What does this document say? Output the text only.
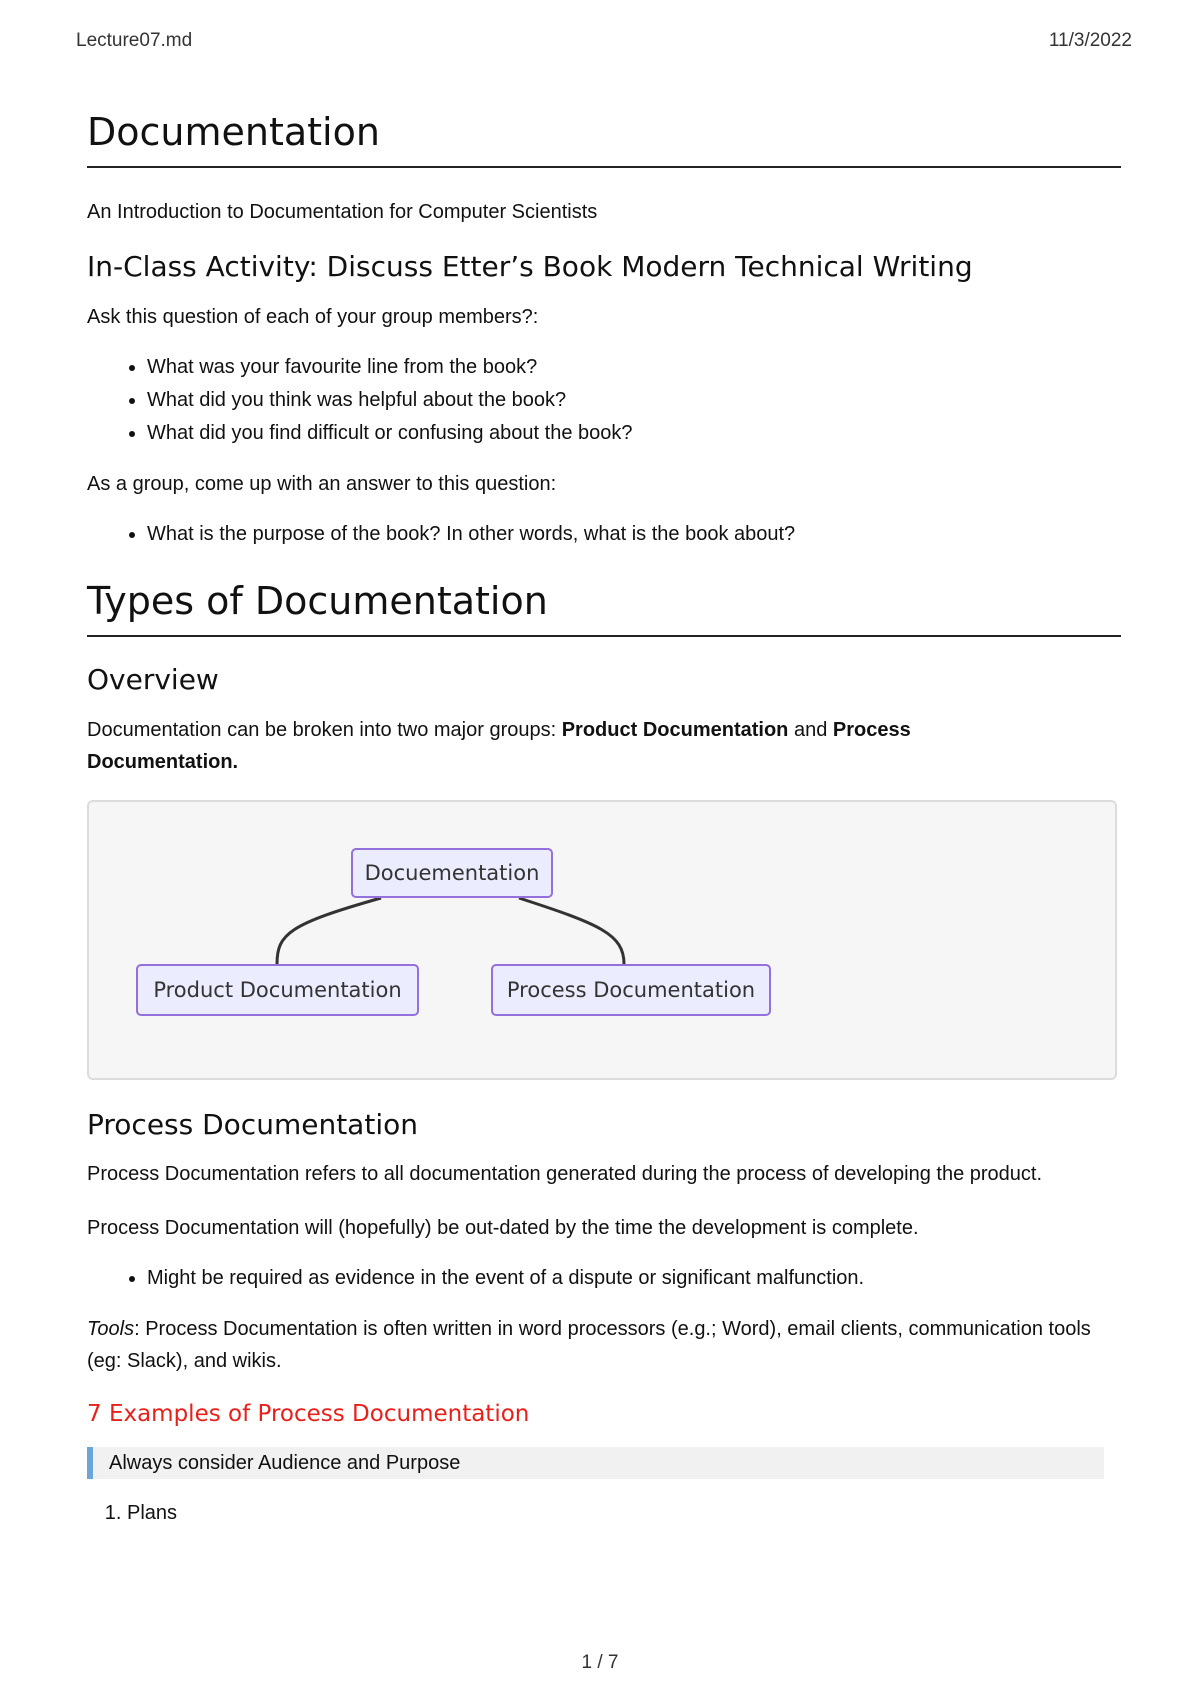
Lecture07.md	11/3/2022
Documentation

An Introduction to Documentation for Computer Scientists

In-Class Activity: Discuss Etter’s Book Modern Technical Writing

Ask this question of each of your group members?:

• What was your favourite line from the book?
• What did you think was helpful about the book?
• What did you find difficult or confusing about the book?

As a group, come up with an answer to this question:

• What is the purpose of the book? In other words, what is the book about?
Types of Documentation
Overview

Documentation can be broken into two major groups: Product Documentation and Process Documentation.

Docuementation
Product Documentation	Process Documentation
Process Documentation

Process Documentation refers to all documentation generated during the process of developing the product.

Process Documentation will (hopefully) be out-dated by the time the development is complete.

• Might be required as evidence in the event of a dispute or significant malfunction.

Tools: Process Documentation is often written in word processors (e.g.; Word), email clients, communication tools (eg: Slack), and wikis.

7 Examples of Process Documentation
Always consider Audience and Purpose
1. Plans
1 / 7
